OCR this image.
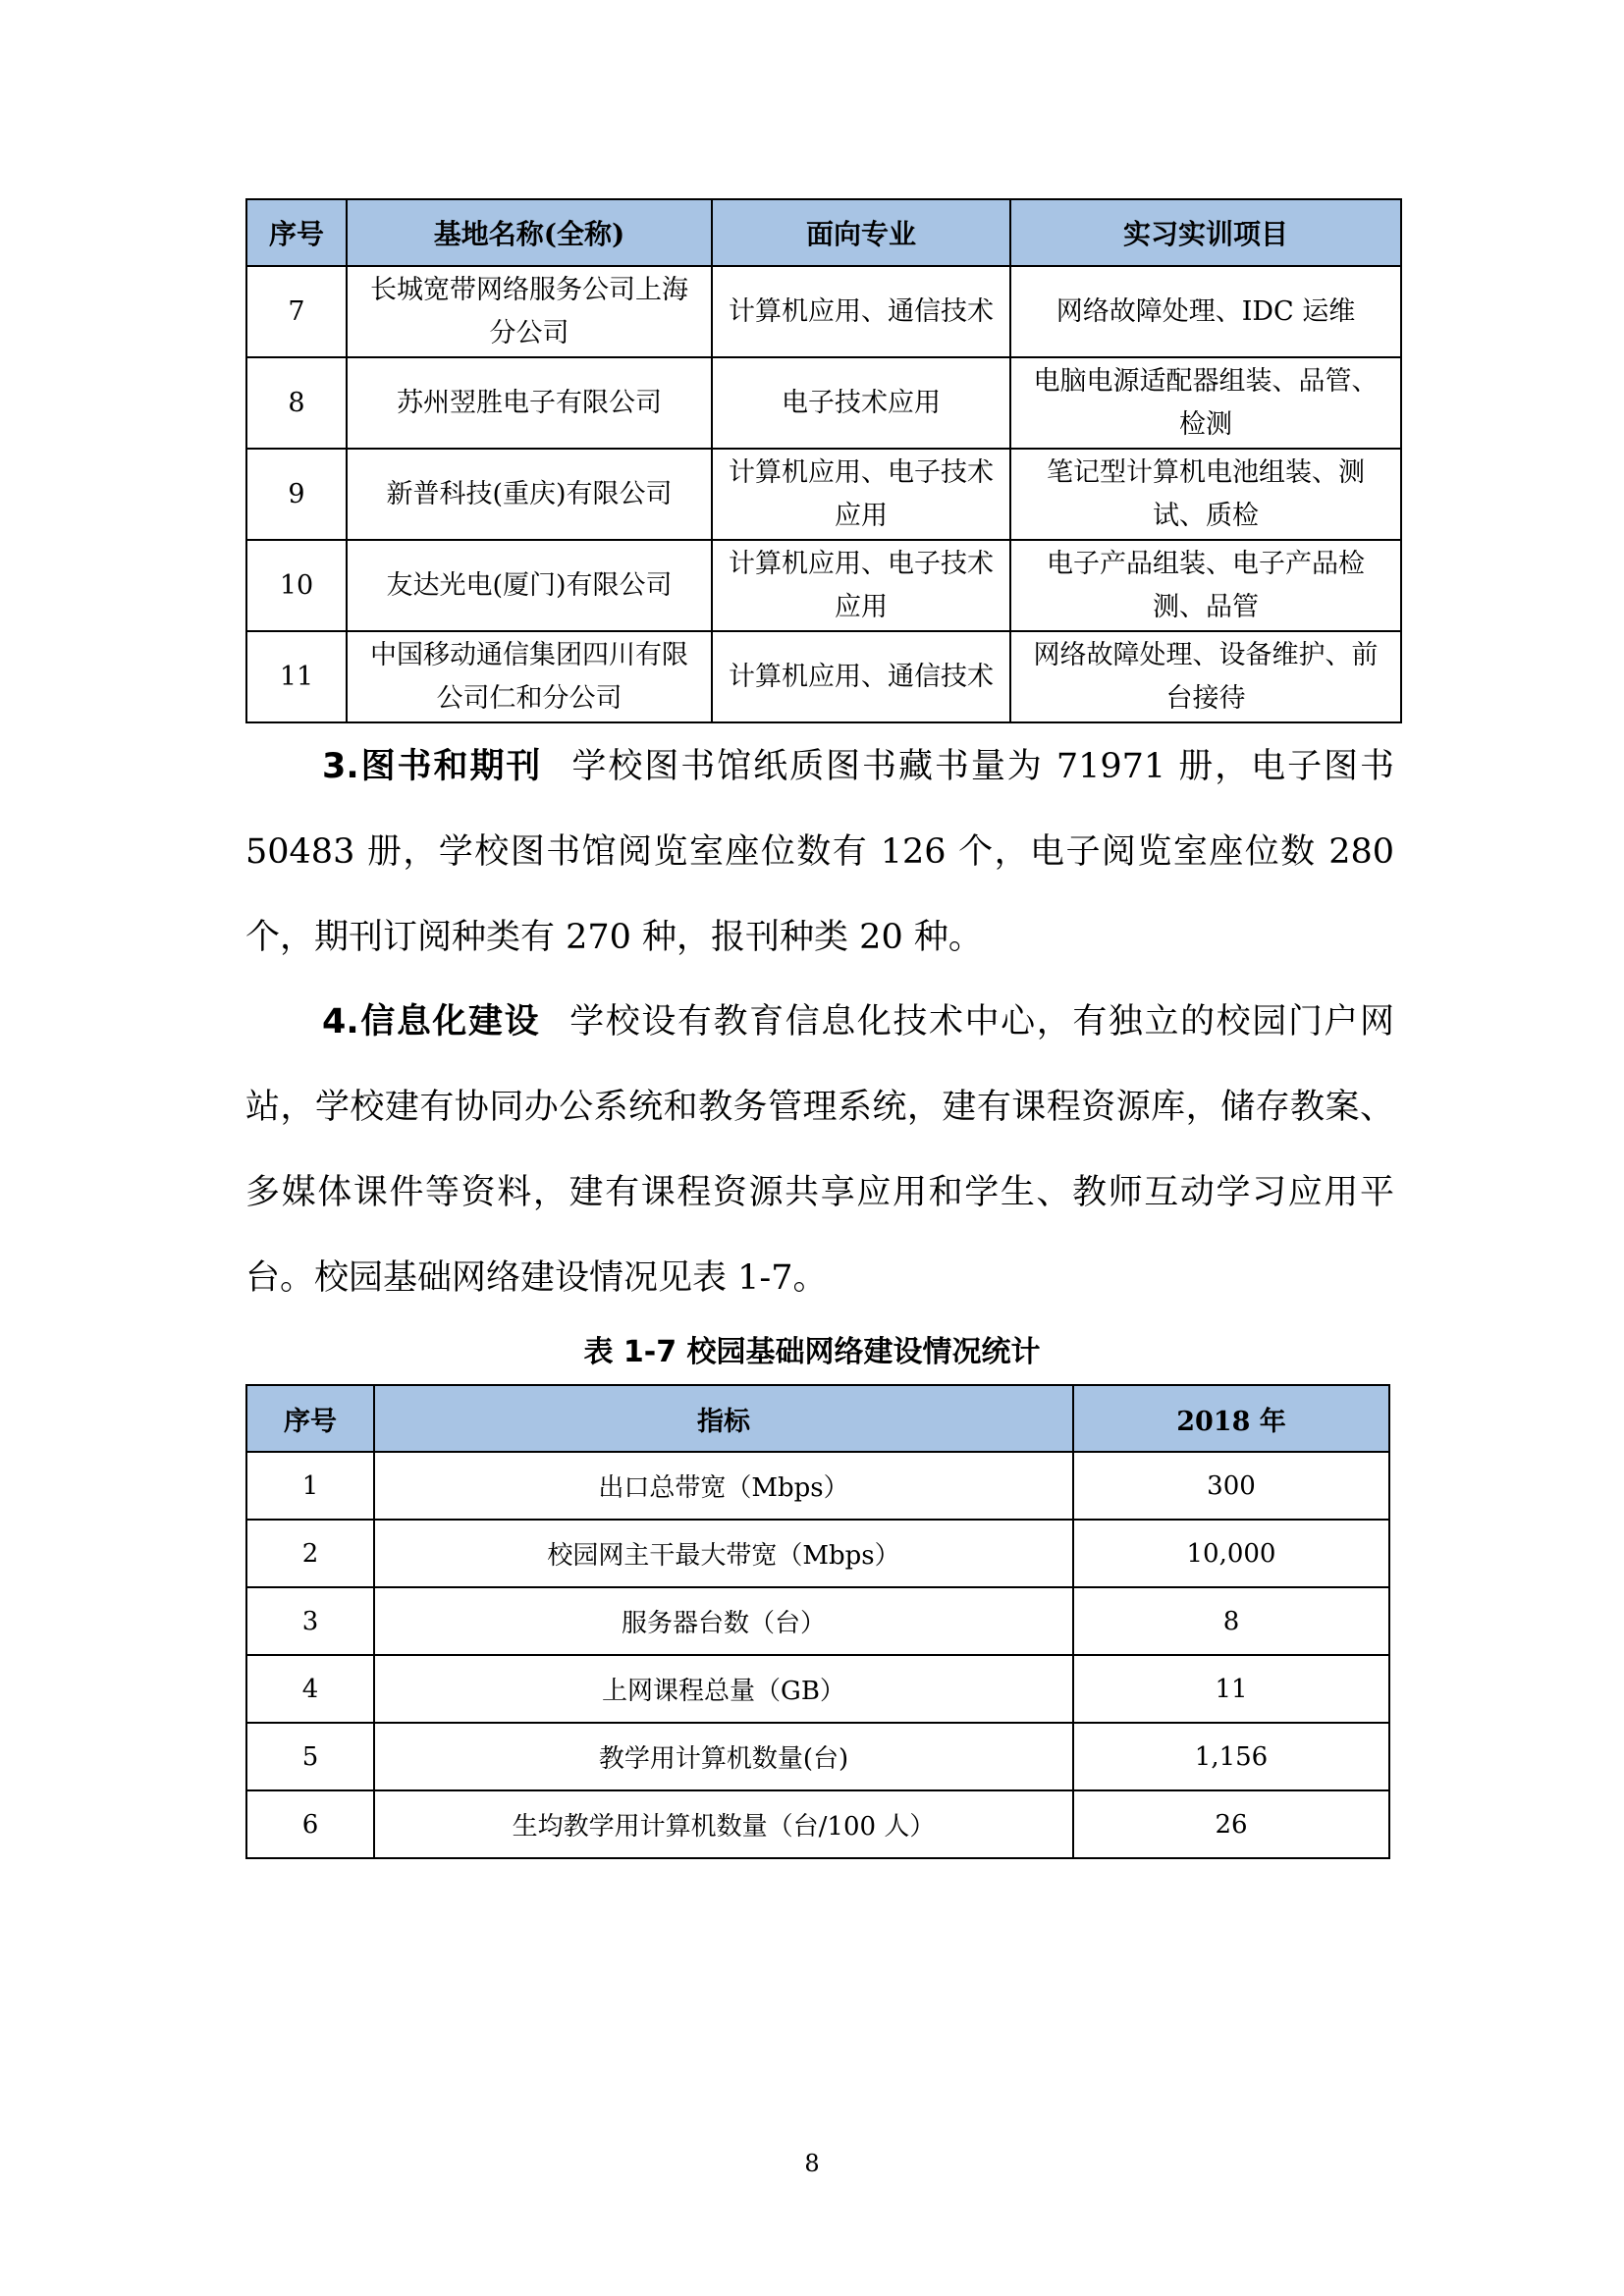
序号	基地名称(全称)	面向专业	实习实训项目
7	长城宽带网络服务公司上海分公司	计算机应用、通信技术	网络故障处理、IDC 运维
8	苏州翌胜电子有限公司	电子技术应用	电脑电源适配器组装、品管、检测
9	新普科技(重庆)有限公司	计算机应用、电子技术应用	笔记型计算机电池组装、测试、质检
10	友达光电(厦门)有限公司	计算机应用、电子技术应用	电子产品组装、电子产品检测、品管
11	中国移动通信集团四川有限公司仁和分公司	计算机应用、通信技术	网络故障处理、设备维护、前台接待

3.图书和期刊 学校图书馆纸质图书藏书量为 71971 册，电子图书 50483 册，学校图书馆阅览室座位数有 126 个，电子阅览室座位数 280 个，期刊订阅种类有 270 种，报刊种类 20 种。

4.信息化建设 学校设有教育信息化技术中心，有独立的校园门户网站，学校建有协同办公系统和教务管理系统，建有课程资源库，储存教案、多媒体课件等资料，建有课程资源共享应用和学生、教师互动学习应用平台。校园基础网络建设情况见表 1-7。

表 1-7 校园基础网络建设情况统计
序号	指标	2018 年
1	出口总带宽（Mbps）	300
2	校园网主干最大带宽（Mbps）	10,000
3	服务器台数（台）	8
4	上网课程总量（GB）	11
5	教学用计算机数量(台)	1,156
6	生均教学用计算机数量（台/100 人）	26
8
